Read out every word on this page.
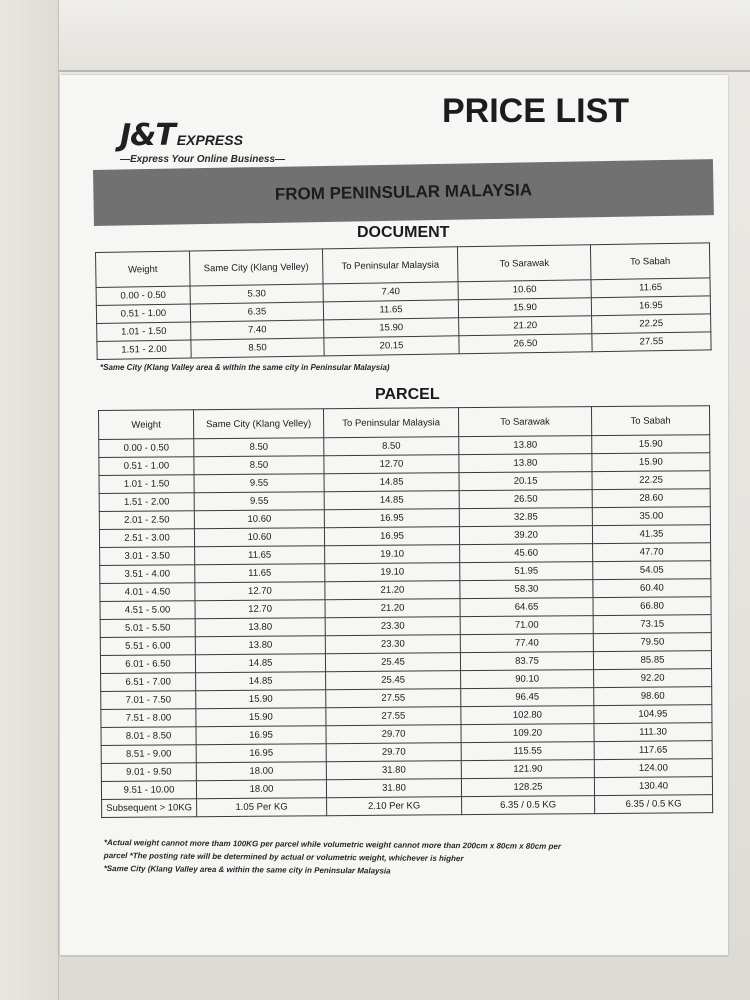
J&T EXPRESS
—Express Your Online Business—
PRICE LIST
FROM PENINSULAR MALAYSIA
DOCUMENT
Weight	Same City (Klang Velley)	To Peninsular Malaysia	To Sarawak	To Sabah
0.00 - 0.50	5.30	7.40	10.60	11.65
0.51 - 1.00	6.35	11.65	15.90	16.95
1.01 - 1.50	7.40	15.90	21.20	22.25
1.51 - 2.00	8.50	20.15	26.50	27.55
*Same City (Klang Valley area & within the same city in Peninsular Malaysia)
PARCEL
Weight	Same City (Klang Velley)	To Peninsular Malaysia	To Sarawak	To Sabah
0.00 - 0.50	8.50	8.50	13.80	15.90
0.51 - 1.00	8.50	12.70	13.80	15.90
1.01 - 1.50	9.55	14.85	20.15	22.25
1.51 - 2.00	9.55	14.85	26.50	28.60
2.01 - 2.50	10.60	16.95	32.85	35.00
2.51 - 3.00	10.60	16.95	39.20	41.35
3.01 - 3.50	11.65	19.10	45.60	47.70
3.51 - 4.00	11.65	19.10	51.95	54.05
4.01 - 4.50	12.70	21.20	58.30	60.40
4.51 - 5.00	12.70	21.20	64.65	66.80
5.01 - 5.50	13.80	23.30	71.00	73.15
5.51 - 6.00	13.80	23.30	77.40	79.50
6.01 - 6.50	14.85	25.45	83.75	85.85
6.51 - 7.00	14.85	25.45	90.10	92.20
7.01 - 7.50	15.90	27.55	96.45	98.60
7.51 - 8.00	15.90	27.55	102.80	104.95
8.01 - 8.50	16.95	29.70	109.20	111.30
8.51 - 9.00	16.95	29.70	115.55	117.65
9.01 - 9.50	18.00	31.80	121.90	124.00
9.51 - 10.00	18.00	31.80	128.25	130.40
Subsequent > 10KG	1.05 Per KG	2.10 Per KG	6.35 / 0.5 KG	6.35 / 0.5 KG
*Actual weight cannot more tham 100KG per parcel while volumetric weight cannot more than 200cm x 80cm x 80cm per
parcel *The posting rate will be determined by actual or volumetric weight, whichever is higher
*Same City (Klang Valley area & within the same city in Peninsular Malaysia
